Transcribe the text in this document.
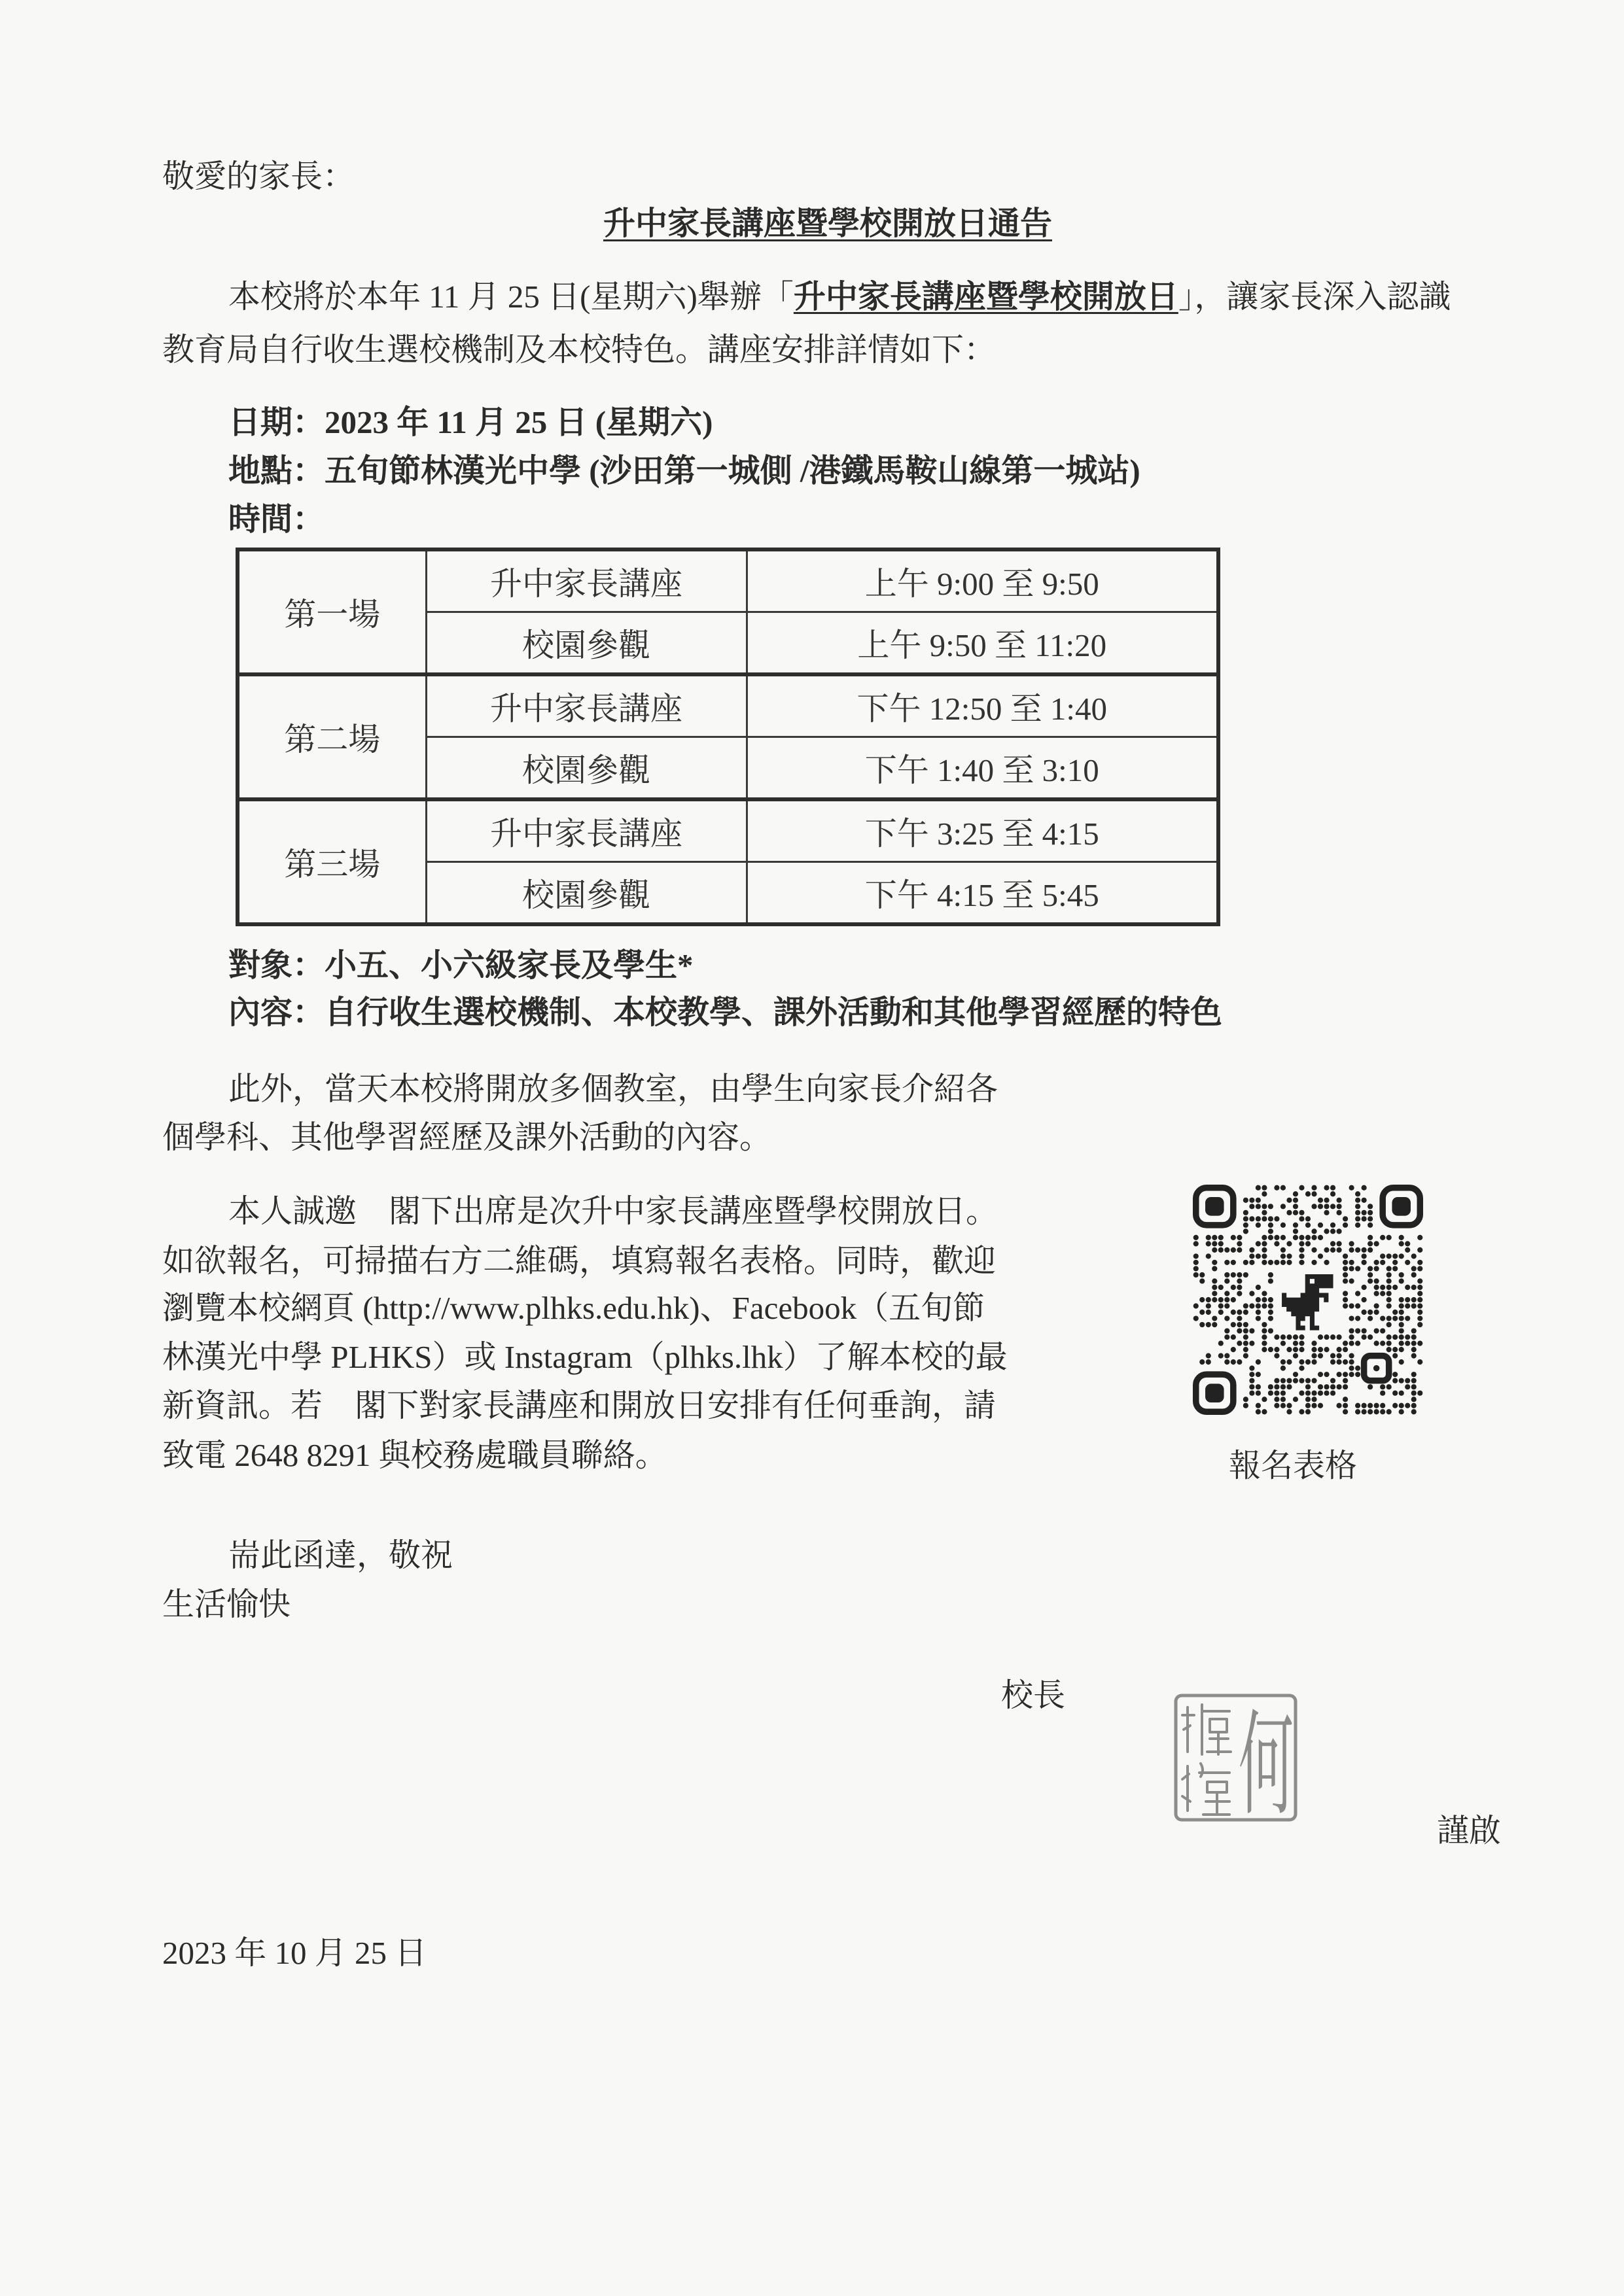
敬愛的家長：
升中家長講座暨學校開放日通告
本校將於本年 11 月 25 日(星期六)舉辦「升中家長講座暨學校開放日」，讓家長深入認識
教育局自行收生選校機制及本校特色。講座安排詳情如下：
日期：2023 年 11 月 25 日 (星期六)
地點：五旬節林漢光中學 (沙田第一城側 /港鐵馬鞍山線第一城站)
時間：
第一場	升中家長講座	上午 9:00 至 9:50
	校園參觀	上午 9:50 至 11:20
第二場	升中家長講座	下午 12:50 至 1:40
	校園參觀	下午 1:40 至 3:10
第三場	升中家長講座	下午 3:25 至 4:15
	校園參觀	下午 4:15 至 5:45
對象：小五、小六級家長及學生*
內容：自行收生選校機制、本校教學、課外活動和其他學習經歷的特色
此外，當天本校將開放多個教室，由學生向家長介紹各
個學科、其他學習經歷及課外活動的內容。
本人誠邀　閣下出席是次升中家長講座暨學校開放日。
如欲報名，可掃描右方二維碼，填寫報名表格。同時，歡迎
瀏覽本校網頁 (http://www.plhks.edu.hk)、Facebook（五旬節
林漢光中學 PLHKS）或 Instagram（plhks.lhk）了解本校的最
新資訊。若　閣下對家長講座和開放日安排有任何垂詢，請
致電 2648 8291 與校務處職員聯絡。	報名表格
耑此函達，敬祝
生活愉快
校長
何	謹啟
2023 年 10 月 25 日
